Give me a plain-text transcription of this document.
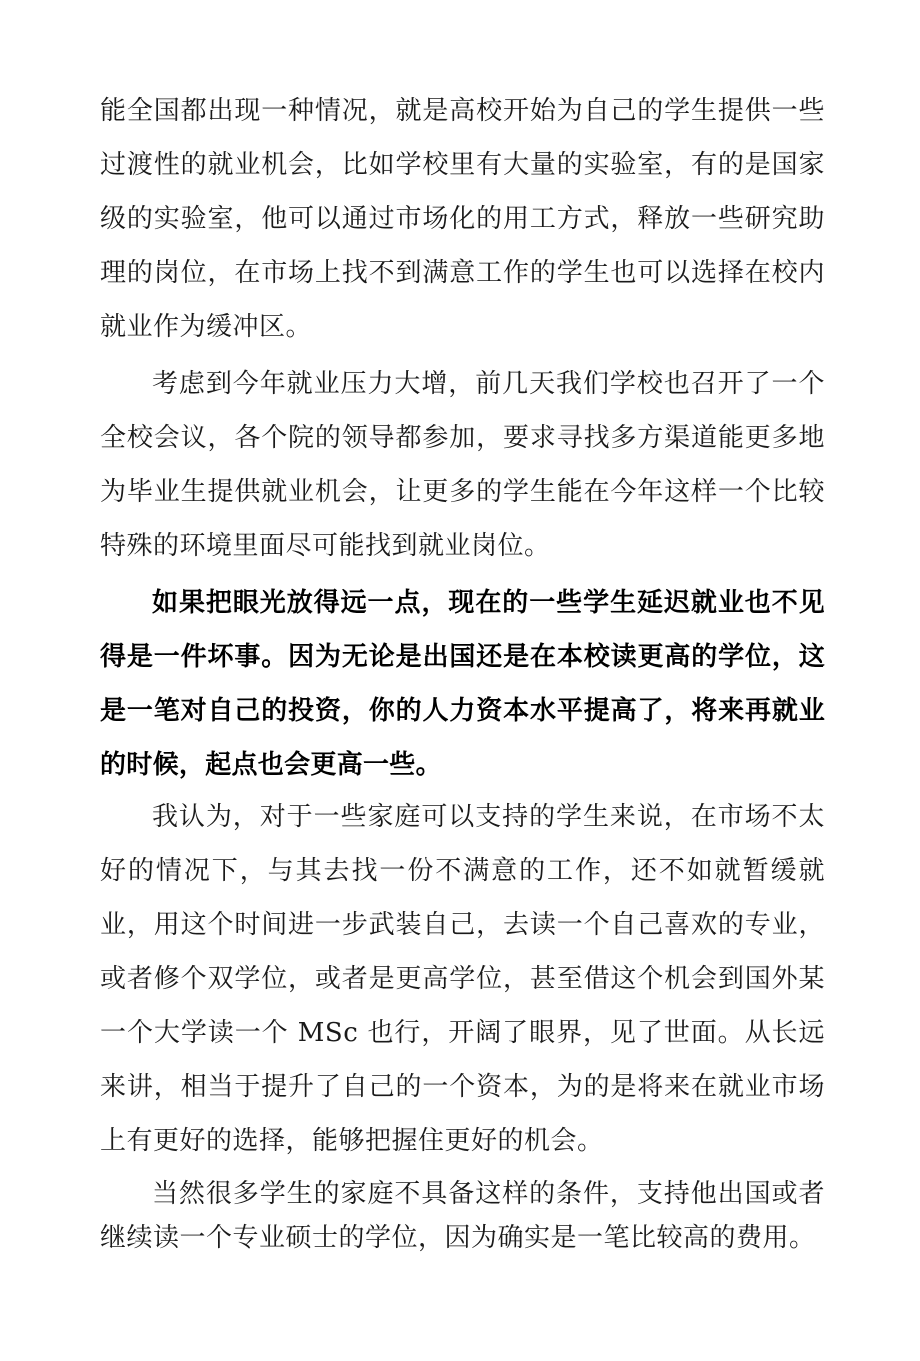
能全国都出现一种情况，就是高校开始为自己的学生提供一些过渡性的就业机会，比如学校里有大量的实验室，有的是国家级的实验室，他可以通过市场化的用工方式，释放一些研究助理的岗位，在市场上找不到满意工作的学生也可以选择在校内就业作为缓冲区。

考虑到今年就业压力大增，前几天我们学校也召开了一个全校会议，各个院的领导都参加，要求寻找多方渠道能更多地为毕业生提供就业机会，让更多的学生能在今年这样一个比较特殊的环境里面尽可能找到就业岗位。

如果把眼光放得远一点，现在的一些学生延迟就业也不见得是一件坏事。因为无论是出国还是在本校读更高的学位，这是一笔对自己的投资，你的人力资本水平提高了，将来再就业的时候，起点也会更高一些。

我认为，对于一些家庭可以支持的学生来说，在市场不太好的情况下，与其去找一份不满意的工作，还不如就暂缓就业，用这个时间进一步武装自己，去读一个自己喜欢的专业，或者修个双学位，或者是更高学位，甚至借这个机会到国外某一个大学读一个 MSc 也行，开阔了眼界，见了世面。从长远来讲，相当于提升了自己的一个资本，为的是将来在就业市场上有更好的选择，能够把握住更好的机会。

当然很多学生的家庭不具备这样的条件，支持他出国或者继续读一个专业硕士的学位，因为确实是一笔比较高的费用。
